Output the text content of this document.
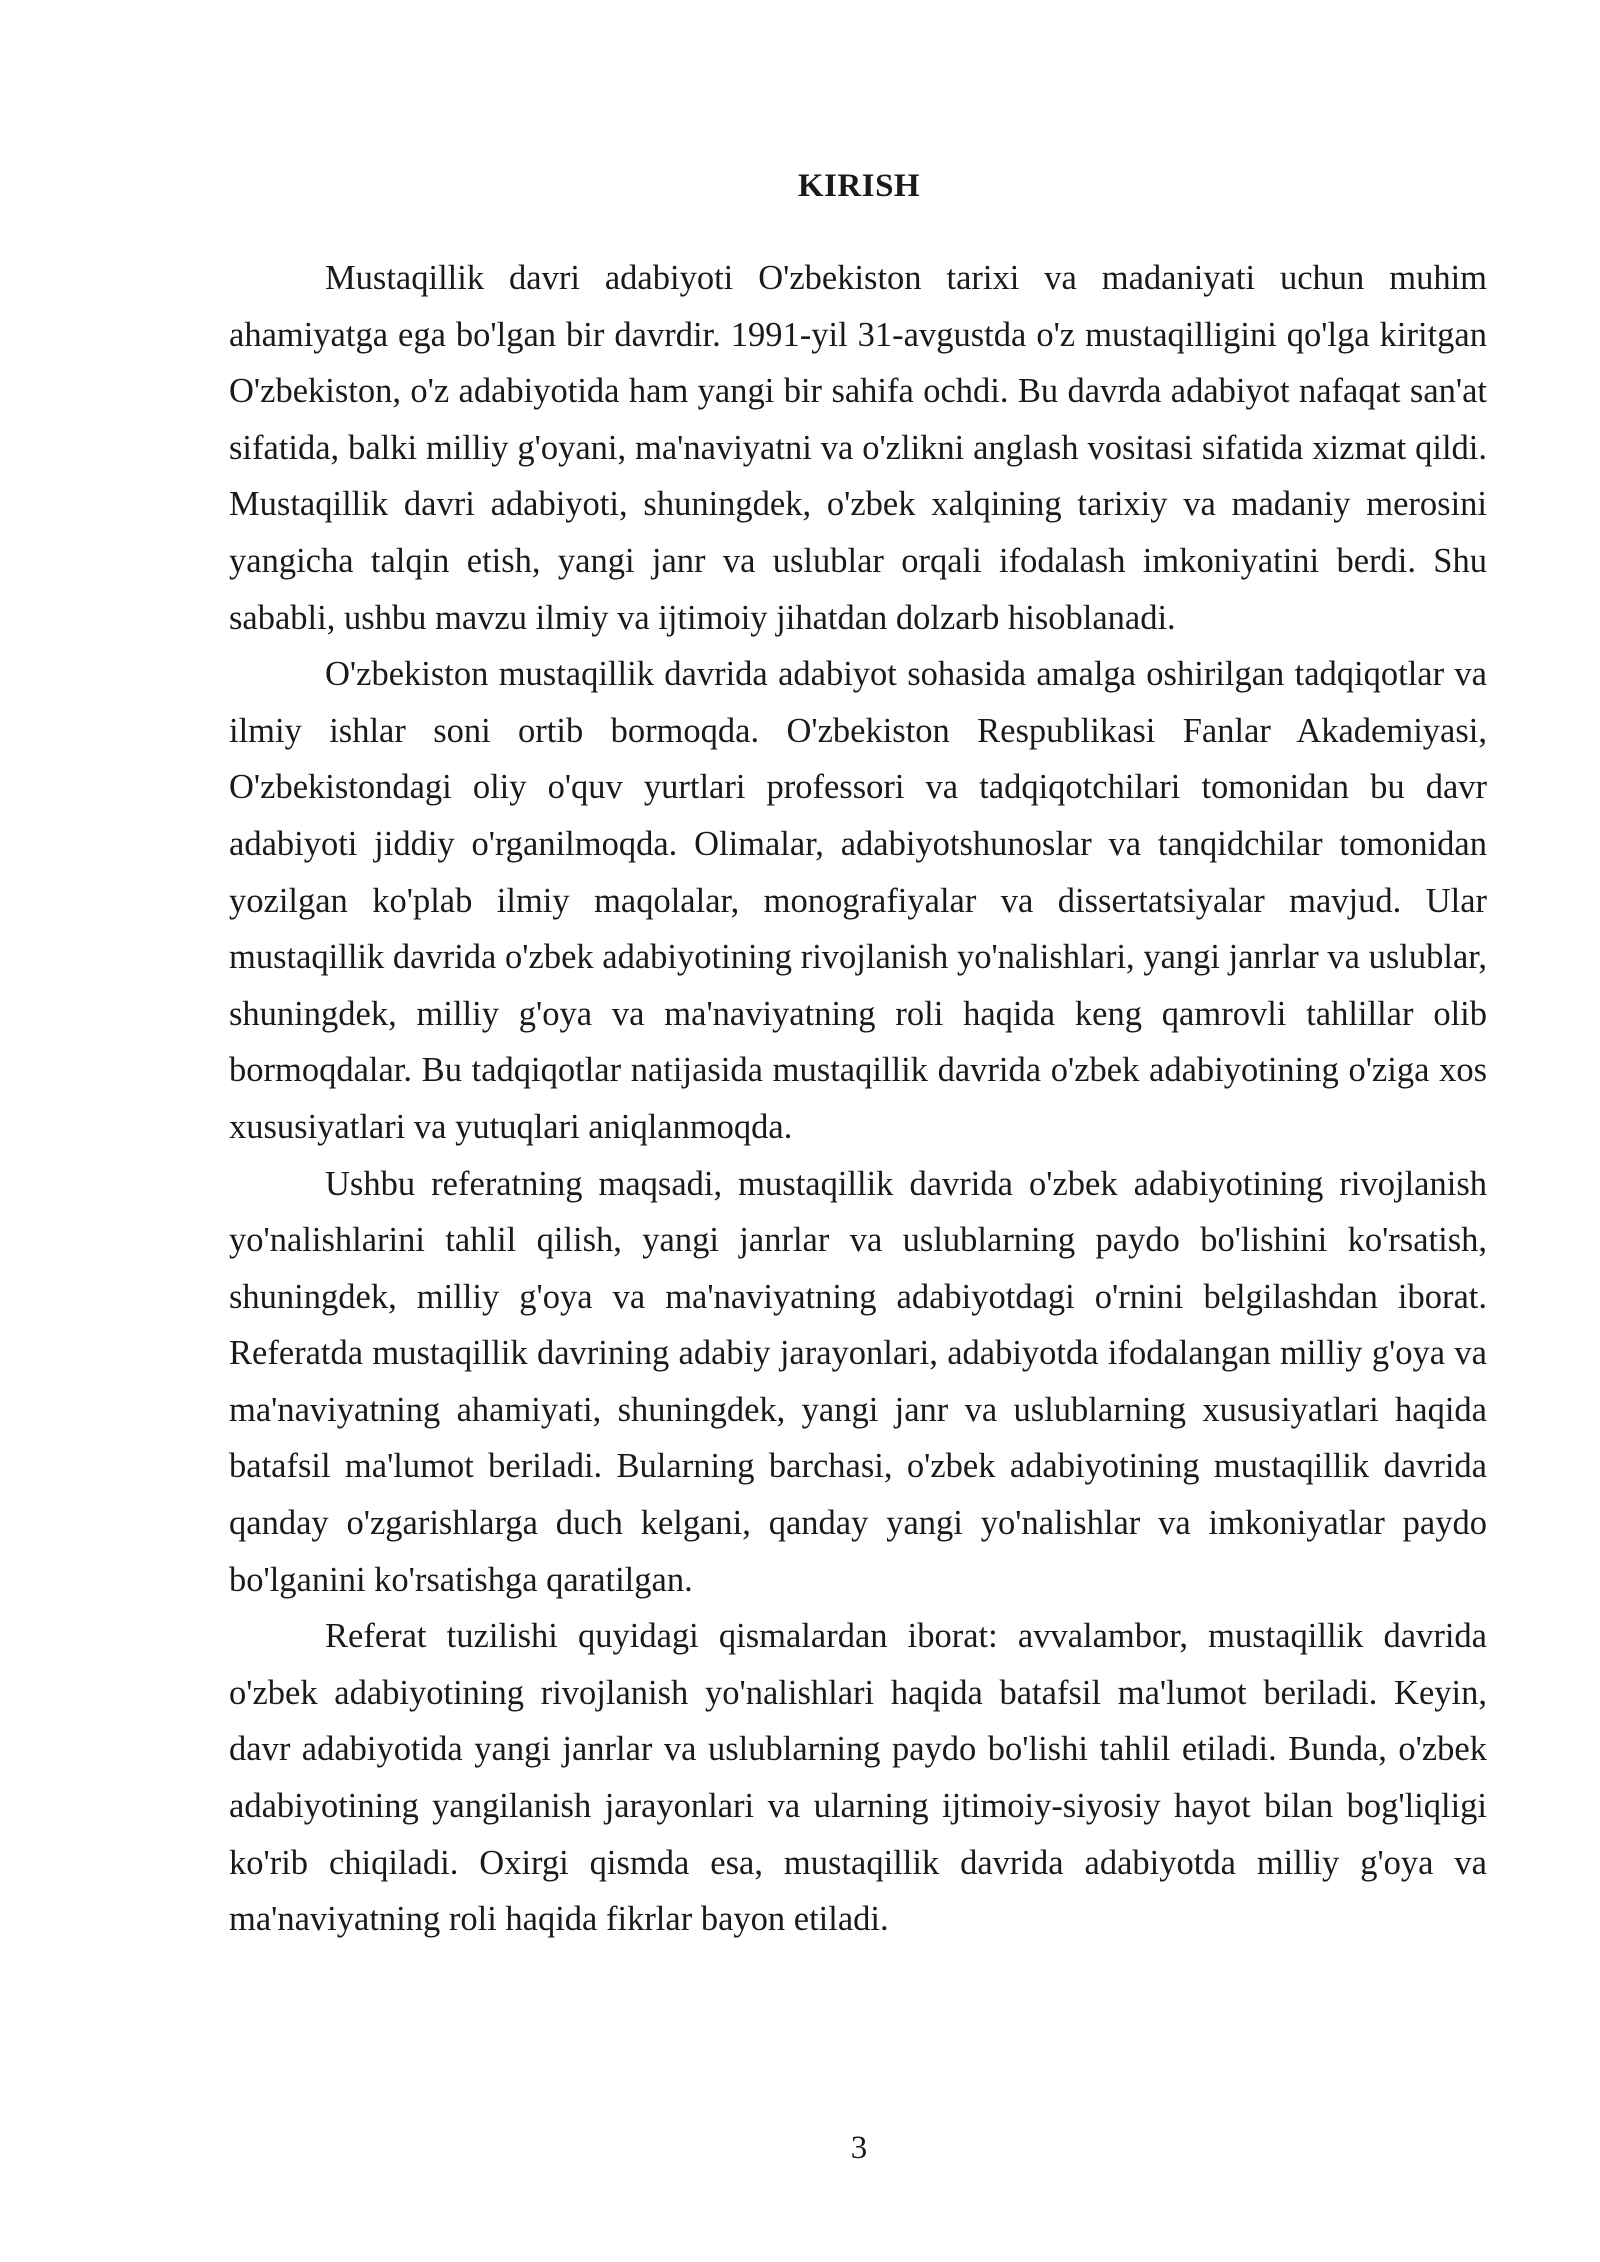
KIRISH

Mustaqillik davri adabiyoti O'zbekiston tarixi va madaniyati uchun muhim ahamiyatga ega bo'lgan bir davrdir. 1991-yil 31-avgustda o'z mustaqilligini qo'lga kiritgan O'zbekiston, o'z adabiyotida ham yangi bir sahifa ochdi. Bu davrda adabiyot nafaqat san'at sifatida, balki milliy g'oyani, ma'naviyatni va o'zlikni anglash vositasi sifatida xizmat qildi. Mustaqillik davri adabiyoti, shuningdek, o'zbek xalqining tarixiy va madaniy merosini yangicha talqin etish, yangi janr va uslublar orqali ifodalash imkoniyatini berdi. Shu sababli, ushbu mavzu ilmiy va ijtimoiy jihatdan dolzarb hisoblanadi.

O'zbekiston mustaqillik davrida adabiyot sohasida amalga oshirilgan tadqiqotlar va ilmiy ishlar soni ortib bormoqda. O'zbekiston Respublikasi Fanlar Akademiyasi, O'zbekistondagi oliy o'quv yurtlari professori va tadqiqotchilari tomonidan bu davr adabiyoti jiddiy o'rganilmoqda. Olimalar, adabiyotshunoslar va tanqidchilar tomonidan yozilgan ko'plab ilmiy maqolalar, monografiyalar va dissertatsiyalar mavjud. Ular mustaqillik davrida o'zbek adabiyotining rivojlanish yo'nalishlari, yangi janrlar va uslublar, shuningdek, milliy g'oya va ma'naviyatning roli haqida keng qamrovli tahlillar olib bormoqdalar. Bu tadqiqotlar natijasida mustaqillik davrida o'zbek adabiyotining o'ziga xos xususiyatlari va yutuqlari aniqlanmoqda.

Ushbu referatning maqsadi, mustaqillik davrida o'zbek adabiyotining rivojlanish yo'nalishlarini tahlil qilish, yangi janrlar va uslublarning paydo bo'lishini ko'rsatish, shuningdek, milliy g'oya va ma'naviyatning adabiyotdagi o'rnini belgilashdan iborat. Referatda mustaqillik davrining adabiy jarayonlari, adabiyotda ifodalangan milliy g'oya va ma'naviyatning ahamiyati, shuningdek, yangi janr va uslublarning xususiyatlari haqida batafsil ma'lumot beriladi. Bularning barchasi, o'zbek adabiyotining mustaqillik davrida qanday o'zgarishlarga duch kelgani, qanday yangi yo'nalishlar va imkoniyatlar paydo bo'lganini ko'rsatishga qaratilgan.

Referat tuzilishi quyidagi qismalardan iborat: avvalambor, mustaqillik davrida o'zbek adabiyotining rivojlanish yo'nalishlari haqida batafsil ma'lumot beriladi. Keyin, davr adabiyotida yangi janrlar va uslublarning paydo bo'lishi tahlil etiladi. Bunda, o'zbek adabiyotining yangilanish jarayonlari va ularning ijtimoiy-siyosiy hayot bilan bog'liqligi ko'rib chiqiladi. Oxirgi qismda esa, mustaqillik davrida adabiyotda milliy g'oya va ma'naviyatning roli haqida fikrlar bayon etiladi.

3
